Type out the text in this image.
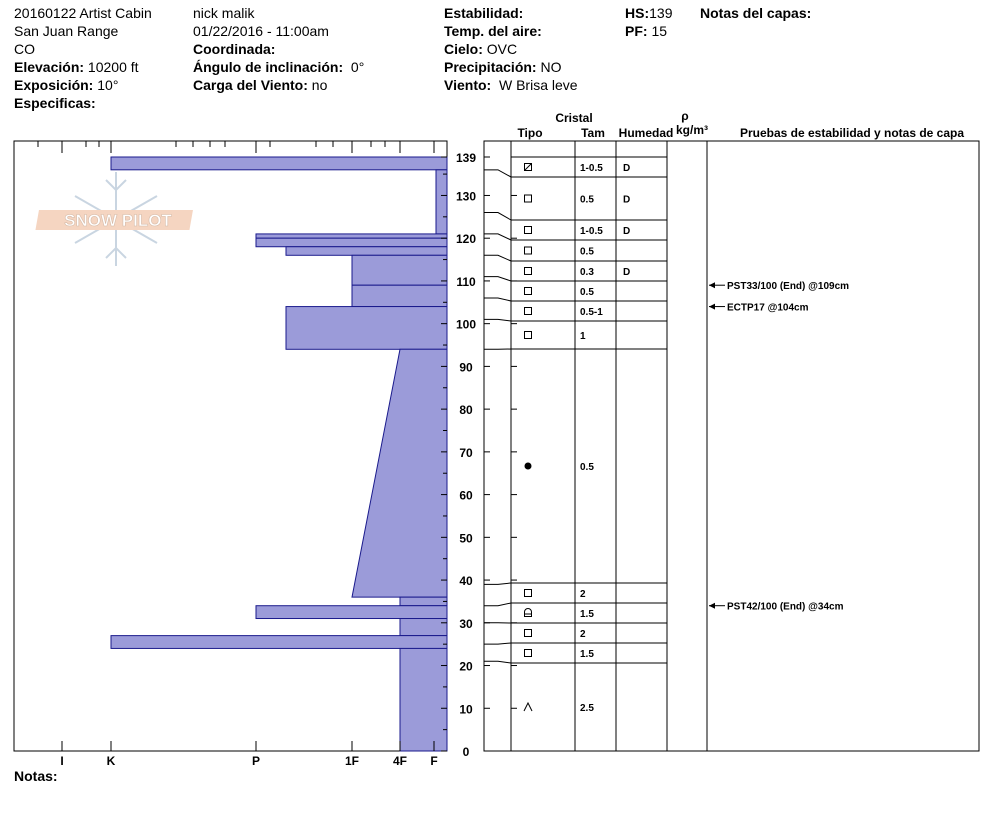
20160122 Artist Cabin
San Juan Range
CO
Elevación: 10200 ft
Exposición: 10°
Especificas:
nick malik
01/22/2016 - 11:00am
Coordinada:
Ángulo de inclinación: 0°
Carga del Viento: no
Estabilidad:
Temp. del aire:
Cielo: OVC
Precipitación: NO
Viento: W Brisa leve
HS:139
PF: 15
Notas del capas:
Notas:
SNOW PILOT
0
10
20
30
40
50
60
70
80
90
100
110
120
130
139
I	K	P	1F	4F F
1-0.5 D
0.5	D
1-0.5 D
0.5
0.3	D
0.5
0.5-1
1
0.5
2
1.5
2
1.5
2.5
PST33/100 (End) @109cm
ECTP17 @104cm
PST42/100 (End) @34cm
Cristal
Tipo	Tam Humedad
ρ
kg/m³	Pruebas de estabilidad y notas de capa
